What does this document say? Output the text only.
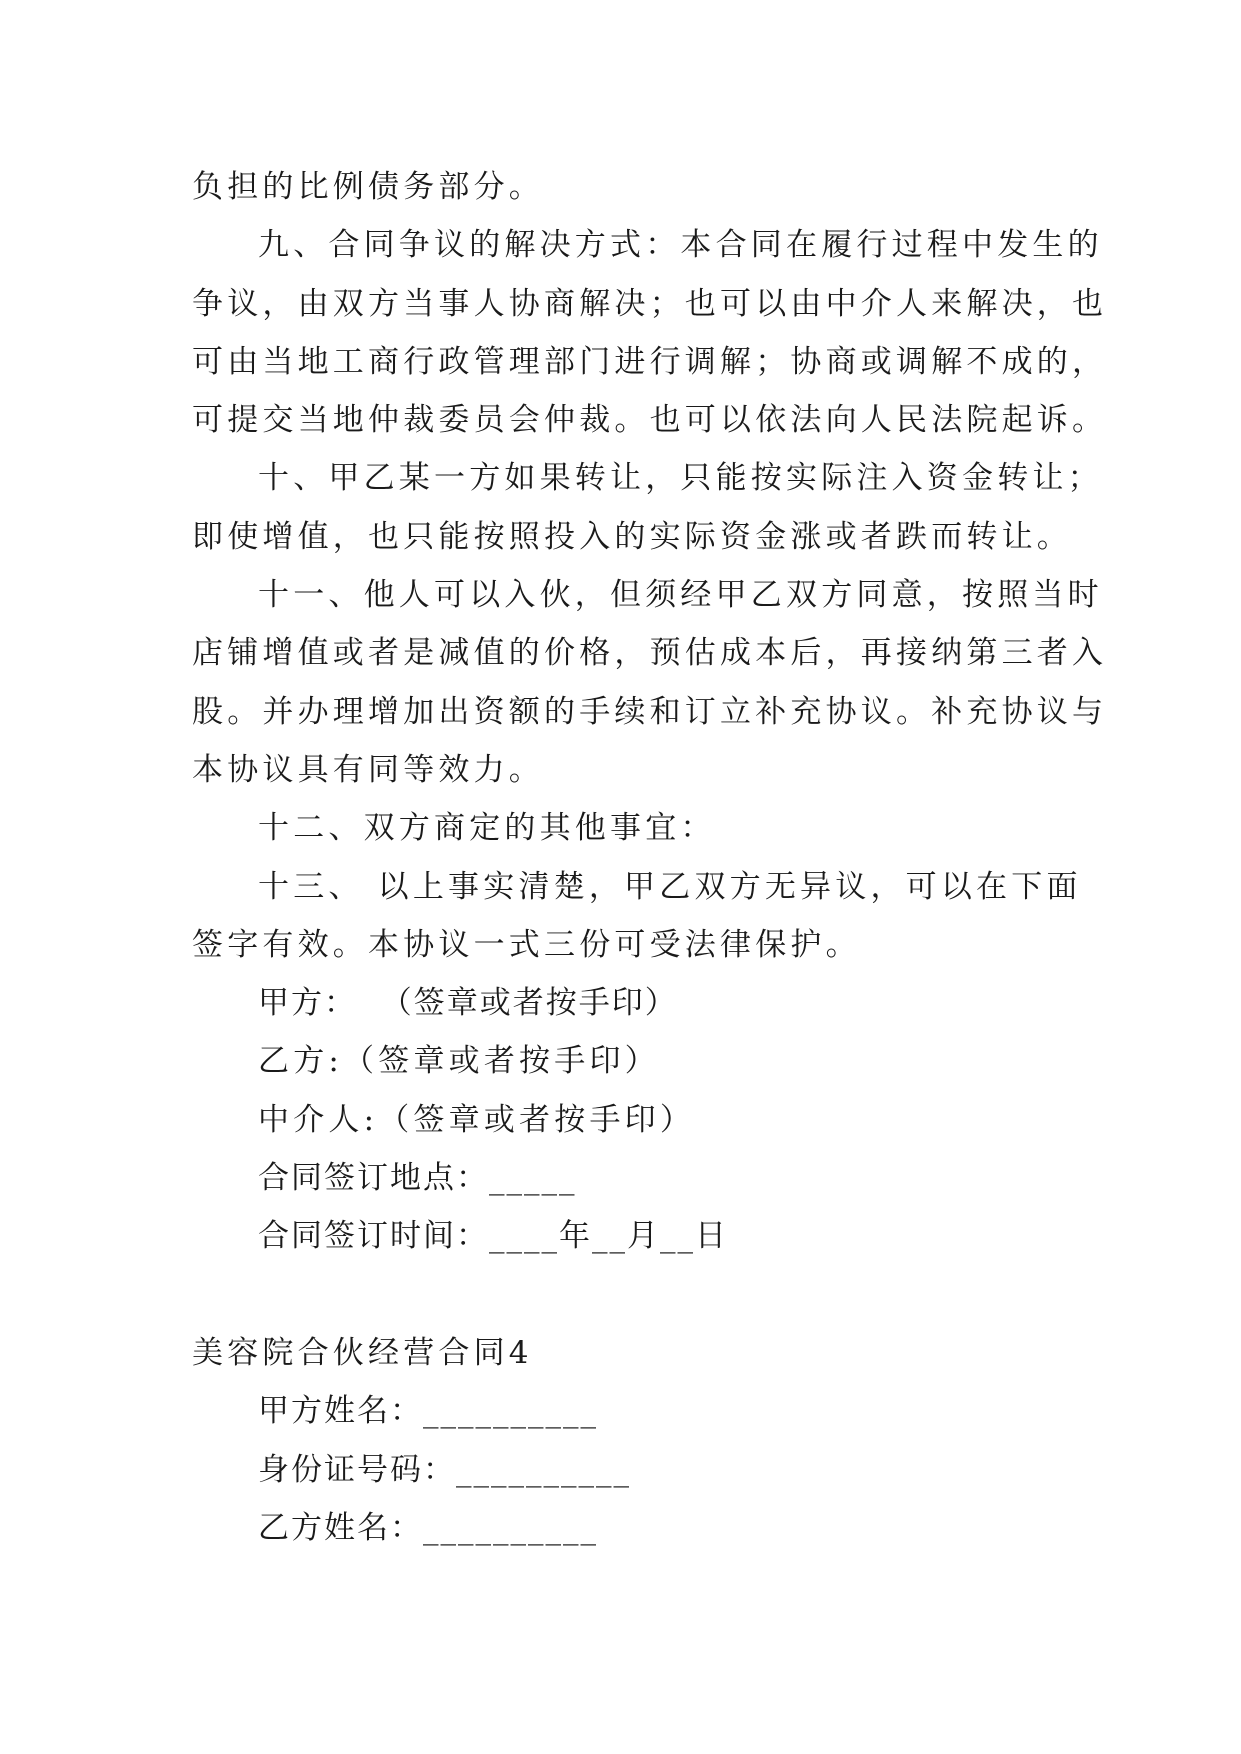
负担的比例债务部分。
九、合同争议的解决方式：本合同在履行过程中发生的
争议，由双方当事人协商解决；也可以由中介人来解决，也
可由当地工商行政管理部门进行调解；协商或调解不成的，
可提交当地仲裁委员会仲裁。也可以依法向人民法院起诉。
十、甲乙某一方如果转让，只能按实际注入资金转让；
即使增值，也只能按照投入的实际资金涨或者跌而转让。
十一、他人可以入伙，但须经甲乙双方同意，按照当时
店铺增值或者是减值的价格，预估成本后，再接纳第三者入
股。并办理增加出资额的手续和订立补充协议。补充协议与
本协议具有同等效力。
十二、双方商定的其他事宜：
十三、 以上事实清楚，甲乙双方无异议，可以在下面
签字有效。本协议一式三份可受法律保护。
甲方：  （签章或者按手印）
乙方:（签章或者按手印）
中介人:（签章或者按手印）
合同签订地点：_____
合同签订时间：____年__月__日
美容院合伙经营合同4
甲方姓名：__________
身份证号码：__________
乙方姓名：__________
